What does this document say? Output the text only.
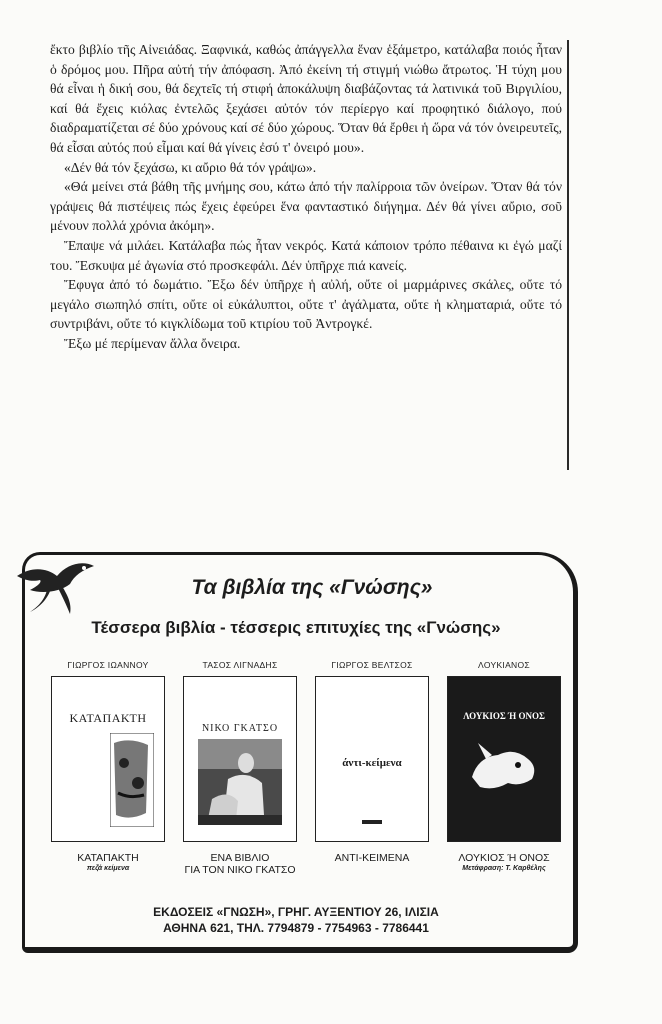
ἔκτο βιβλίο τῆς Αἰνειάδας. Ξαφνικά, καθώς ἀπάγγελλα ἕναν ἑξάμετρο, κατάλαβα ποιός ἦταν ὁ δρόμος μου. Πῆρα αὐτή τήν ἀπόφαση. Ἀπό ἐκείνη τή στιγμή νιώθω ἄτρωτος. Ἡ τύχη μου θά εἶναι ἡ δική σου, θά δεχτεῖς τή στιφή ἀποκάλυψη διαβάζοντας τά λατινικά τοῦ Βιργιλίου, καί θά ἔχεις κιόλας ἐντελῶς ξεχάσει αὐτόν τόν περίεργο καί προφητικό διάλογο, πού διαδραματίζεται σέ δύο χρόνους καί σέ δύο χώρους. Ὅταν θά ἔρθει ἡ ὥρα νά τόν ὀνειρευτεῖς, θά εἶσαι αὐτός πού εἶμαι καί θά γίνεις ἐσύ τ' ὀνειρό μου».

«Δέν θά τόν ξεχάσω, κι αὔριο θά τόν γράψω».

«Θά μείνει στά βάθη τῆς μνήμης σου, κάτω ἀπό τήν παλίρροια τῶν ὀνείρων. Ὅταν θά τόν γράψεις θά πιστέψεις πώς ἔχεις ἐφεύρει ἕνα φανταστικό διήγημα. Δέν θά γίνει αὔριο, σοῦ μένουν πολλά χρόνια ἀκόμη».

Ἔπαψε νά μιλάει. Κατάλαβα πώς ἦταν νεκρός. Κατά κάποιον τρόπο πέθαινα κι ἐγώ μαζί του. Ἔσκυψα μέ ἀγωνία στό προσκεφάλι. Δέν ὑπῆρχε πιά κανείς.

Ἔφυγα ἀπό τό δωμάτιο. Ἔξω δέν ὑπῆρχε ἡ αὐλή, οὔτε οἱ μαρμάρινες σκάλες, οὔτε τό μεγάλο σιωπηλό σπίτι, οὔτε οἱ εὐκάλυπτοι, οὔτε τ' ἀγάλματα, οὔτε ἡ κληματαριά, οὔτε τό συντριβάνι, οὔτε τό κιγκλίδωμα τοῦ κτιρίου τοῦ Ἀντρογκέ.

Ἔξω μέ περίμεναν ἄλλα ὄνειρα.

Τα βιβλία της «Γνώσης»
Τέσσερα βιβλία - τέσσερις επιτυχίες της «Γνώσης»
ΓΙΩΡΓΟΣ ΙΩΑΝΝΟΥ
ΚΑΤΑΠΑΚΤΗ
ΚΑΤΑΠΑΚΤΗ
πεζά κείμενα
ΤΑΣΟΣ ΛΙΓΝΑΔΗΣ
ΝΙΚΟ ΓΚΑΤΣΟ
ΕΝΑ ΒΙΒΛΙΟ
ΓΙΑ ΤΟΝ ΝΙΚΟ ΓΚΑΤΣΟ
ΓΙΩΡΓΟΣ ΒΕΛΤΣΟΣ
άντι-κείμενα
ΑΝΤΙ-ΚΕΙΜΕΝΑ
ΛΟΥΚΙΑΝΟΣ
ΛΟΥΚΙΟΣ Ή ΟΝΟΣ
ΛΟΥΚΙΟΣ Ή ΟΝΟΣ
Μετάφραση: Τ. Καρθέλης
ΕΚΔΟΣΕΙΣ «ΓΝΩΣΗ», ΓΡΗΓ. ΑΥΞΕΝΤΙΟΥ 26, ΙΛΙΣΙΑ
ΑΘΗΝΑ 621, ΤΗΛ. 7794879 - 7754963 - 7786441
